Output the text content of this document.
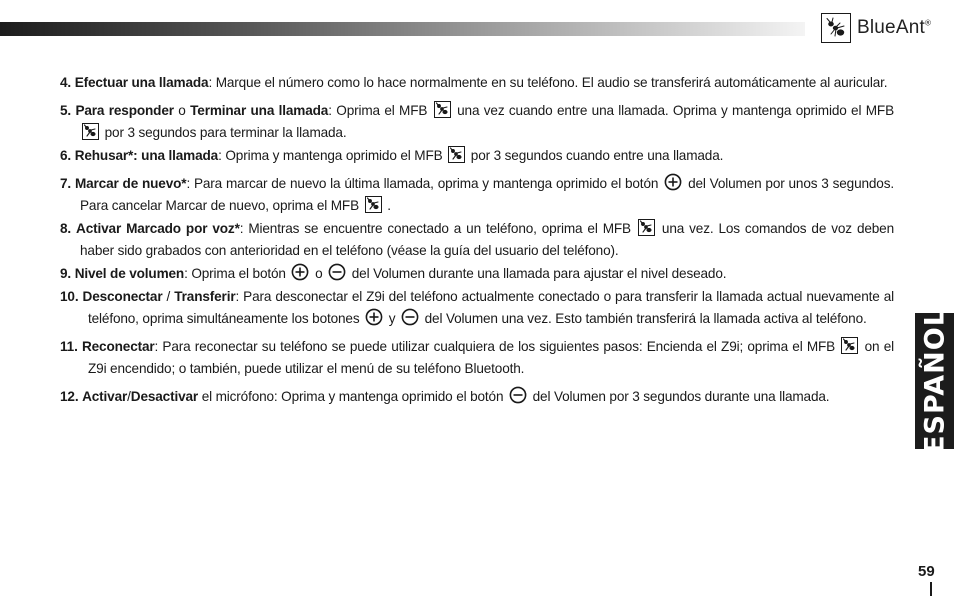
BlueAnt®

4. Efectuar una llamada: Marque el número como lo hace normalmente en su teléfono. El audio se transferirá automáticamente al auricular.

5. Para responder o Terminar una llamada: Oprima el MFB
una vez cuando entre una llamada. Oprima y mantenga oprimido el MFB
por 3 segundos para terminar la llamada.

6. Rehusar*: una llamada: Oprima y mantenga oprimido el MFB
por 3 segundos cuando entre una llamada.

7. Marcar de nuevo*: Para marcar de nuevo la última llamada, oprima y mantenga oprimido el botón
del Volumen por unos 3 segundos. Para cancelar Marcar de nuevo, oprima el MFB
.

8. Activar Marcado por voz*: Mientras se encuentre conectado a un teléfono, oprima el MFB
una vez. Los comandos de voz deben haber sido grabados con anterioridad en el teléfono (véase la guía del usuario del teléfono).

9. Nivel de volumen: Oprima el botón
o
del Volumen durante una llamada para ajustar el nivel deseado.

10. Desconectar / Transferir: Para desconectar el Z9i del teléfono actualmente conectado o para transferir la llamada actual nuevamente al teléfono, oprima simultáneamente los botones
y
del Volumen una vez. Esto también transferirá la llamada activa al teléfono.

11. Reconectar: Para reconectar su teléfono se puede utilizar cualquiera de los siguientes pasos: Encienda el Z9i; oprima el MFB
on el Z9i encendido; o también, puede utilizar el menú de su teléfono Bluetooth.

12. Activar/Desactivar el micrófono: Oprima y mantenga oprimido el botón
del Volumen por 3 segundos durante una llamada.	ESPAÑOL
59
